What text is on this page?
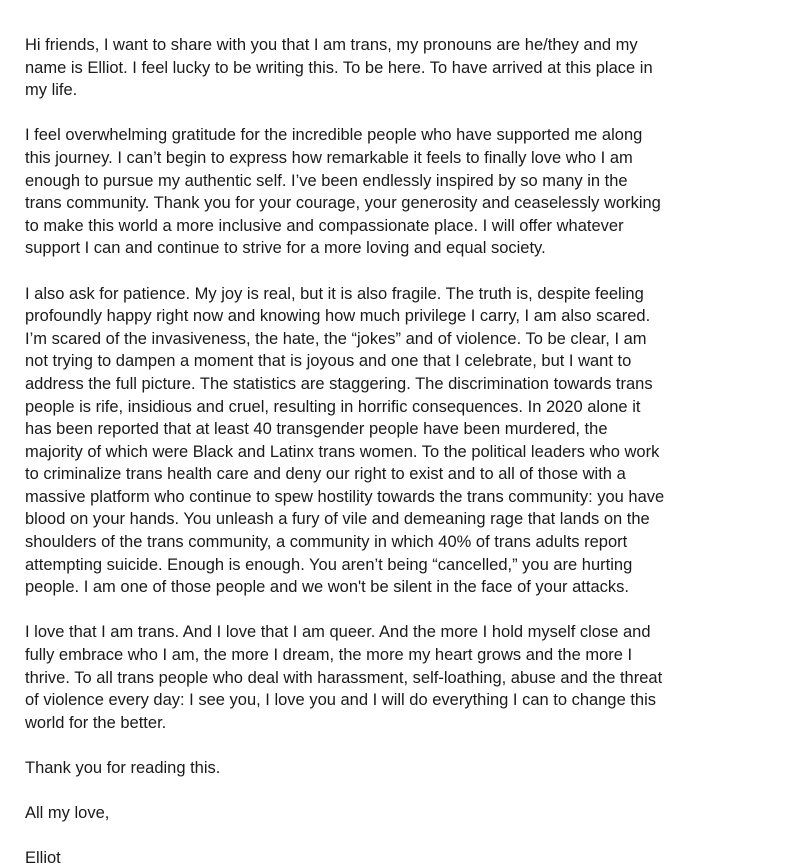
Hi friends, I want to share with you that I am trans, my pronouns are he/they and my
name is Elliot. I feel lucky to be writing this. To be here. To have arrived at this place in
my life.

I feel overwhelming gratitude for the incredible people who have supported me along
this journey. I can’t begin to express how remarkable it feels to finally love who I am
enough to pursue my authentic self. I’ve been endlessly inspired by so many in the
trans community. Thank you for your courage, your generosity and ceaselessly working
to make this world a more inclusive and compassionate place. I will offer whatever
support I can and continue to strive for a more loving and equal society.

I also ask for patience. My joy is real, but it is also fragile. The truth is, despite feeling
profoundly happy right now and knowing how much privilege I carry, I am also scared.
I’m scared of the invasiveness, the hate, the “jokes” and of violence. To be clear, I am
not trying to dampen a moment that is joyous and one that I celebrate, but I want to
address the full picture. The statistics are staggering. The discrimination towards trans
people is rife, insidious and cruel, resulting in horrific consequences. In 2020 alone it
has been reported that at least 40 transgender people have been murdered, the
majority of which were Black and Latinx trans women. To the political leaders who work
to criminalize trans health care and deny our right to exist and to all of those with a
massive platform who continue to spew hostility towards the trans community: you have
blood on your hands. You unleash a fury of vile and demeaning rage that lands on the
shoulders of the trans community, a community in which 40% of trans adults report
attempting suicide. Enough is enough. You aren’t being “cancelled,” you are hurting
people. I am one of those people and we won't be silent in the face of your attacks.

I love that I am trans. And I love that I am queer. And the more I hold myself close and
fully embrace who I am, the more I dream, the more my heart grows and the more I
thrive. To all trans people who deal with harassment, self-loathing, abuse and the threat
of violence every day: I see you, I love you and I will do everything I can to change this
world for the better.

Thank you for reading this.

All my love,

Elliot
